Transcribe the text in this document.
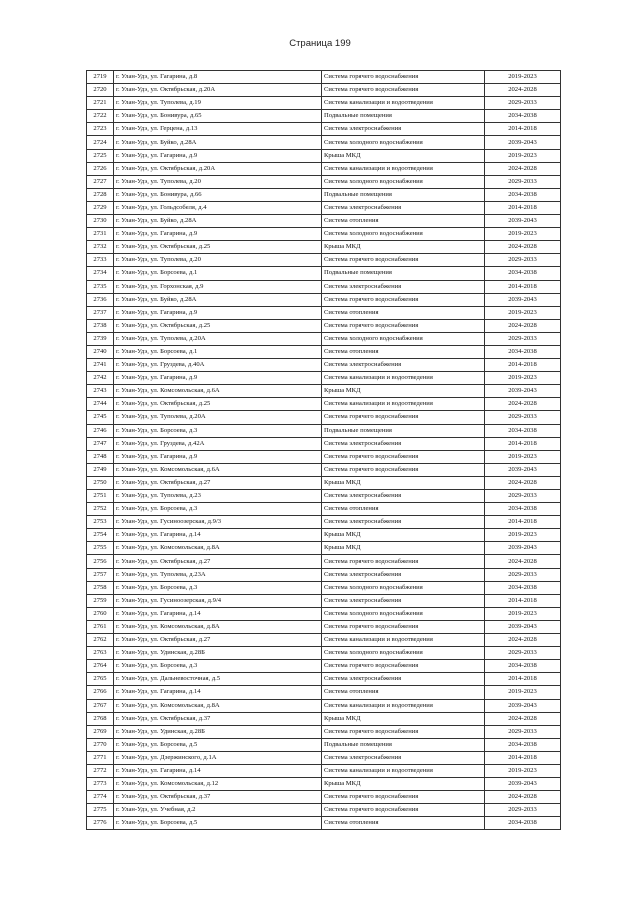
Страница 199
2719	г. Улан-Удэ, ул. Гагарина, д.8	Система горячего водоснабжения	2019-2023
2720	г. Улан-Удэ, ул. Октябрьская, д.20А	Система горячего водоснабжения	2024-2028
2721	г. Улан-Удэ, ул. Туполева, д.19	Система канализации и водоотведения	2029-2033
2722	г. Улан-Удэ, ул. Бонивура, д.65	Подвальные помещения	2034-2038
2723	г. Улан-Удэ, ул. Герцена, д.13	Система электроснабжения	2014-2018
2724	г. Улан-Удэ, ул. Буйко, д.28А	Система холодного водоснабжения	2039-2043
2725	г. Улан-Удэ, ул. Гагарина, д.9	Крыша МКД	2019-2023
2726	г. Улан-Удэ, ул. Октябрьская, д.20А	Система канализации и водоотведения	2024-2028
2727	г. Улан-Удэ, ул. Туполева, д.20	Система холодного водоснабжения	2029-2033
2728	г. Улан-Удэ, ул. Бонивура, д.66	Подвальные помещения	2034-2038
2729	г. Улан-Удэ, ул. Гольдсобеля, д.4	Система электроснабжения	2014-2018
2730	г. Улан-Удэ, ул. Буйко, д.28А	Система отопления	2039-2043
2731	г. Улан-Удэ, ул. Гагарина, д.9	Система холодного водоснабжения	2019-2023
2732	г. Улан-Удэ, ул. Октябрьская, д.25	Крыша МКД	2024-2028
2733	г. Улан-Удэ, ул. Туполева, д.20	Система горячего водоснабжения	2029-2033
2734	г. Улан-Удэ, ул. Борсоева, д.1	Подвальные помещения	2034-2038
2735	г. Улан-Удэ, ул. Горхонская, д.9	Система электроснабжения	2014-2018
2736	г. Улан-Удэ, ул. Буйко, д.28А	Система горячего водоснабжения	2039-2043
2737	г. Улан-Удэ, ул. Гагарина, д.9	Система отопления	2019-2023
2738	г. Улан-Удэ, ул. Октябрьская, д.25	Система горячего водоснабжения	2024-2028
2739	г. Улан-Удэ, ул. Туполева, д.20А	Система холодного водоснабжения	2029-2033
2740	г. Улан-Удэ, ул. Борсоева, д.1	Система отопления	2034-2038
2741	г. Улан-Удэ, ул. Груздева, д.40А	Система электроснабжения	2014-2018
2742	г. Улан-Удэ, ул. Гагарина, д.9	Система канализации и водоотведения	2019-2023
2743	г. Улан-Удэ, ул. Комсомольская, д.6А	Крыша МКД	2039-2043
2744	г. Улан-Удэ, ул. Октябрьская, д.25	Система канализации и водоотведения	2024-2028
2745	г. Улан-Удэ, ул. Туполева, д.20А	Система горячего водоснабжения	2029-2033
2746	г. Улан-Удэ, ул. Борсоева, д.3	Подвальные помещения	2034-2038
2747	г. Улан-Удэ, ул. Груздева, д.42А	Система электроснабжения	2014-2018
2748	г. Улан-Удэ, ул. Гагарина, д.9	Система горячего водоснабжения	2019-2023
2749	г. Улан-Удэ, ул. Комсомольская, д.6А	Система горячего водоснабжения	2039-2043
2750	г. Улан-Удэ, ул. Октябрьская, д.27	Крыша МКД	2024-2028
2751	г. Улан-Удэ, ул. Туполева, д.23	Система электроснабжения	2029-2033
2752	г. Улан-Удэ, ул. Борсоева, д.3	Система отопления	2034-2038
2753	г. Улан-Удэ, ул. Гусиноозерская, д.9/3	Система электроснабжения	2014-2018
2754	г. Улан-Удэ, ул. Гагарина, д.14	Крыша МКД	2019-2023
2755	г. Улан-Удэ, ул. Комсомольская, д.8А	Крыша МКД	2039-2043
2756	г. Улан-Удэ, ул. Октябрьская, д.27	Система горячего водоснабжения	2024-2028
2757	г. Улан-Удэ, ул. Туполева, д.23А	Система электроснабжения	2029-2033
2758	г. Улан-Удэ, ул. Борсоева, д.3	Система холодного водоснабжения	2034-2038
2759	г. Улан-Удэ, ул. Гусиноозерская, д.9/4	Система электроснабжения	2014-2018
2760	г. Улан-Удэ, ул. Гагарина, д.14	Система холодного водоснабжения	2019-2023
2761	г. Улан-Удэ, ул. Комсомольская, д.8А	Система горячего водоснабжения	2039-2043
2762	г. Улан-Удэ, ул. Октябрьская, д.27	Система канализации и водоотведения	2024-2028
2763	г. Улан-Удэ, ул. Удинская, д.28Б	Система холодного водоснабжения	2029-2033
2764	г. Улан-Удэ, ул. Борсоева, д.3	Система горячего водоснабжения	2034-2038
2765	г. Улан-Удэ, ул. Дальневосточная, д.5	Система электроснабжения	2014-2018
2766	г. Улан-Удэ, ул. Гагарина, д.14	Система отопления	2019-2023
2767	г. Улан-Удэ, ул. Комсомольская, д.8А	Система канализации и водоотведения	2039-2043
2768	г. Улан-Удэ, ул. Октябрьская, д.37	Крыша МКД	2024-2028
2769	г. Улан-Удэ, ул. Удинская, д.28Б	Система горячего водоснабжения	2029-2033
2770	г. Улан-Удэ, ул. Борсоева, д.5	Подвальные помещения	2034-2038
2771	г. Улан-Удэ, ул. Дзержинского, д.1А	Система электроснабжения	2014-2018
2772	г. Улан-Удэ, ул. Гагарина, д.14	Система канализации и водоотведения	2019-2023
2773	г. Улан-Удэ, ул. Комсомольская, д.12	Крыша МКД	2039-2043
2774	г. Улан-Удэ, ул. Октябрьская, д.37	Система горячего водоснабжения	2024-2028
2775	г. Улан-Удэ, ул. Учебная, д.2	Система горячего водоснабжения	2029-2033
2776	г. Улан-Удэ, ул. Борсоева, д.5	Система отопления	2034-2038
